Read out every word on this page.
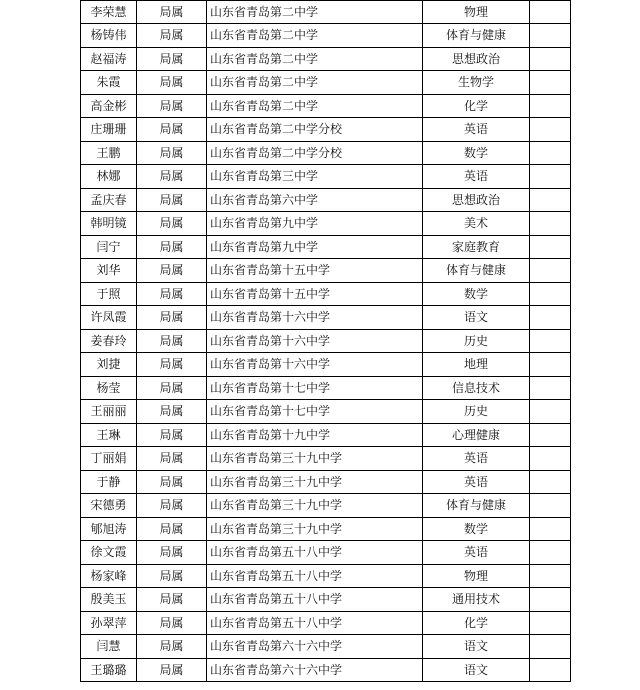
李荣慧	局属	山东省青岛第二中学	物理	
杨铸伟	局属	山东省青岛第二中学	体育与健康	
赵福涛	局属	山东省青岛第二中学	思想政治	
朱霞	局属	山东省青岛第二中学	生物学	
高金彬	局属	山东省青岛第二中学	化学	
庄珊珊	局属	山东省青岛第二中学分校	英语	
王鹏	局属	山东省青岛第二中学分校	数学	
林娜	局属	山东省青岛第三中学	英语	
孟庆春	局属	山东省青岛第六中学	思想政治	
韩明镜	局属	山东省青岛第九中学	美术	
闫宁	局属	山东省青岛第九中学	家庭教育	
刘华	局属	山东省青岛第十五中学	体育与健康	
于照	局属	山东省青岛第十五中学	数学	
许凤霞	局属	山东省青岛第十六中学	语文	
姜春玲	局属	山东省青岛第十六中学	历史	
刘捷	局属	山东省青岛第十六中学	地理	
杨莹	局属	山东省青岛第十七中学	信息技术	
王丽丽	局属	山东省青岛第十七中学	历史	
王琳	局属	山东省青岛第十九中学	心理健康	
丁丽娟	局属	山东省青岛第三十九中学	英语	
于静	局属	山东省青岛第三十九中学	英语	
宋德勇	局属	山东省青岛第三十九中学	体育与健康	
郇旭涛	局属	山东省青岛第三十九中学	数学	
徐文霞	局属	山东省青岛第五十八中学	英语	
杨家峰	局属	山东省青岛第五十八中学	物理	
殷美玉	局属	山东省青岛第五十八中学	通用技术	
孙翠萍	局属	山东省青岛第五十八中学	化学	
闫慧	局属	山东省青岛第六十六中学	语文	
王璐璐	局属	山东省青岛第六十六中学	语文	
